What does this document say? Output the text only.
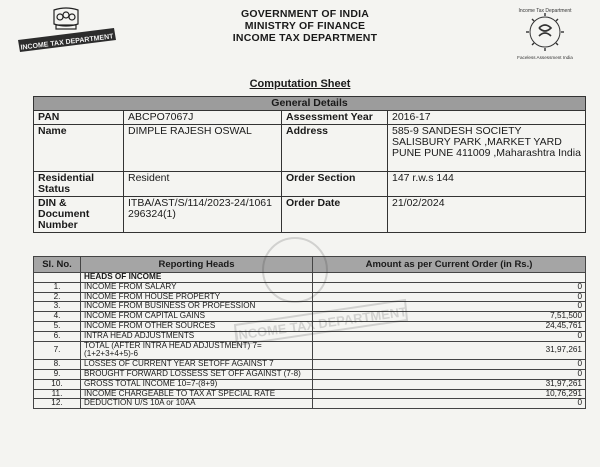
INCOME TAX DEPARTMENT
GOVERNMENT OF INDIA
MINISTRY OF FINANCE
INCOME TAX DEPARTMENT
Income Tax Department
Faceless Assessment India
Computation Sheet
General Details			
PAN	ABCPO7067J	Assessment Year	2016-17
Name	DIMPLE RAJESH OSWAL	Address	585-9 SANDESH SOCIETY SALISBURY PARK ,MARKET YARD PUNE PUNE 411009 ,Maharashtra India
Residential Status	Resident	Order Section	147 r.w.s 144
DIN & Document Number	ITBA/AST/S/114/2023-24/1061296324(1)	Order Date	21/02/2024
Sl. No.	Reporting Heads	Amount as per Current Order (in Rs.)
	HEADS OF INCOME	
1.	INCOME FROM SALARY	0
2.	INCOME FROM HOUSE PROPERTY	0
3.	INCOME FROM BUSINESS OR PROFESSION	0
4.	INCOME FROM CAPITAL GAINS	7,51,500
5.	INCOME FROM OTHER SOURCES	24,45,761
6.	INTRA HEAD ADJUSTMENTS	0
7.	TOTAL (AFTER INTRA HEAD ADJUSTMENT) 7=(1+2+3+4+5)-6	31,97,261
8.	LOSSES OF CURRENT YEAR SETOFF AGAINST 7	0
9.	BROUGHT FORWARD LOSSESS SET OFF AGAINST (7-8)	0
10.	GROSS TOTAL INCOME 10=7-(8+9)	31,97,261
11.	INCOME CHARGEABLE TO TAX AT SPECIAL RATE	10,76,291
12.	DEDUCTION U/S 10A or 10AA	0
INCOME TAX DEPARTMENT
